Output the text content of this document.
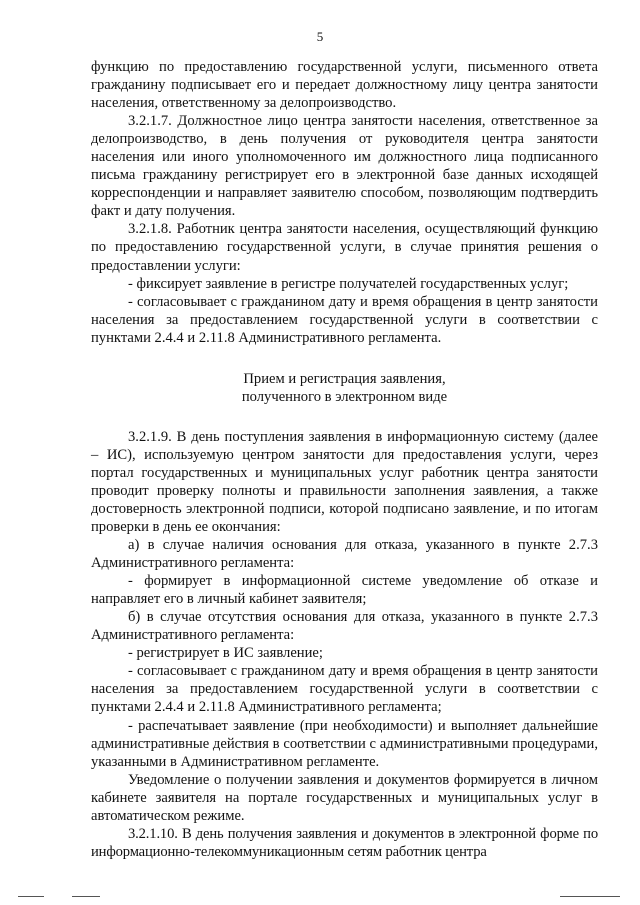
5

функцию по предоставлению государственной услуги, письменного ответа гражданину подписывает его и передает должностному лицу центра занятости населения, ответственному за делопроизводство.

3.2.1.7. Должностное лицо центра занятости населения, ответственное за делопроизводство, в день получения от руководителя центра занятости населения или иного уполномоченного им должностного лица подписанного письма гражданину регистрирует его в электронной базе данных исходящей корреспонденции и направляет заявителю способом, позволяющим подтвердить факт и дату получения.

3.2.1.8. Работник центра занятости населения, осуществляющий функцию по предоставлению государственной услуги, в случае принятия решения о предоставлении услуги:

- фиксирует заявление в регистре получателей государственных услуг;

- согласовывает с гражданином дату и время обращения в центр занятости населения за предоставлением государственной услуги в соответствии с пунктами 2.4.4 и 2.11.8 Административного регламента.

Прием и регистрация заявления,

полученного в электронном виде

3.2.1.9. В день поступления заявления в информационную систему (далее – ИС), используемую центром занятости для предоставления услуги, через портал государственных и муниципальных услуг работник центра занятости проводит проверку полноты и правильности заполнения заявления, а также достоверность электронной подписи, которой подписано заявление, и по итогам проверки в день ее окончания:

а) в случае наличия основания для отказа, указанного в пункте 2.7.3 Административного регламента:

- формирует в информационной системе уведомление об отказе и направляет его в личный кабинет заявителя;

б) в случае отсутствия основания для отказа, указанного в пункте 2.7.3 Административного регламента:

- регистрирует в ИС заявление;

- согласовывает с гражданином дату и время обращения в центр занятости населения за предоставлением государственной услуги в соответствии с пунктами 2.4.4 и 2.11.8 Административного регламента;

- распечатывает заявление (при необходимости) и выполняет дальнейшие административные действия в соответствии с административными процедурами, указанными в Административном регламенте.

Уведомление о получении заявления и документов формируется в личном кабинете заявителя на портале государственных и муниципальных услуг в автоматическом режиме.

3.2.1.10. В день получения заявления и документов в электронной форме по информационно-телекоммуникационным сетям работник центра
